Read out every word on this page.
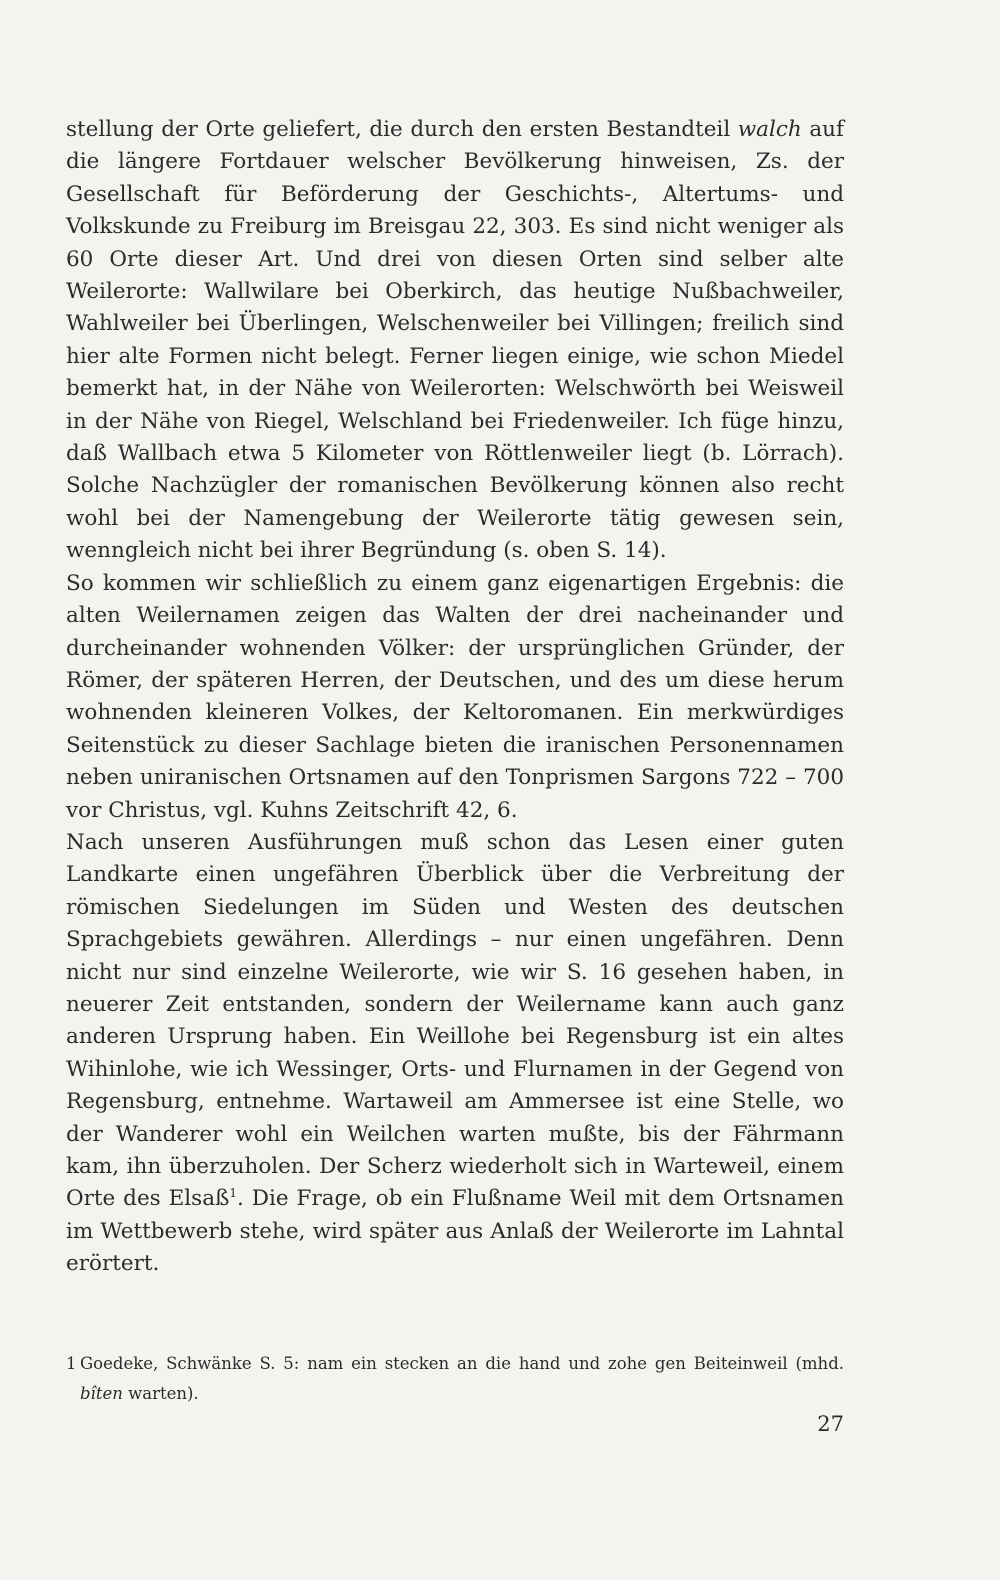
stellung der Orte geliefert, die durch den ersten Bestandteil walch auf die längere Fortdauer welscher Bevölkerung hinweisen, Zs. der Gesellschaft für Beförderung der Geschichts-, Altertums- und Volkskunde zu Freiburg im Breisgau 22, 303. Es sind nicht weniger als 60 Orte dieser Art. Und drei von diesen Orten sind selber alte Weilerorte: Wallwilare bei Oberkirch, das heutige Nußbachweiler, Wahlweiler bei Überlingen, Welschenweiler bei Villingen; freilich sind hier alte Formen nicht belegt. Ferner liegen einige, wie schon Miedel bemerkt hat, in der Nähe von Weilerorten: Welschwörth bei Weisweil in der Nähe von Riegel, Welschland bei Friedenweiler. Ich füge hinzu, daß Wallbach etwa 5 Kilometer von Röttlenweiler liegt (b. Lörrach). Solche Nachzügler der romanischen Bevölkerung können also recht wohl bei der Namengebung der Weilerorte tätig gewesen sein, wenngleich nicht bei ihrer Begründung (s. oben S. 14).

So kommen wir schließlich zu einem ganz eigenartigen Ergebnis: die alten Weilernamen zeigen das Walten der drei nacheinander und durcheinander wohnenden Völker: der ursprünglichen Gründer, der Römer, der späteren Herren, der Deutschen, und des um diese herum wohnenden kleineren Volkes, der Keltoromanen. Ein merkwürdiges Seitenstück zu dieser Sachlage bieten die iranischen Personennamen neben uniranischen Ortsnamen auf den Tonprismen Sargons 722 – 700 vor Christus, vgl. Kuhns Zeitschrift 42, 6.

Nach unseren Ausführungen muß schon das Lesen einer guten Landkarte einen ungefähren Überblick über die Verbreitung der römischen Siedelungen im Süden und Westen des deutschen Sprachgebiets gewähren. Allerdings – nur einen ungefähren. Denn nicht nur sind einzelne Weilerorte, wie wir S. 16 gesehen haben, in neuerer Zeit entstanden, sondern der Weilername kann auch ganz anderen Ursprung haben. Ein Weillohe bei Regensburg ist ein altes Wihinlohe, wie ich Wessinger, Orts- und Flurnamen in der Gegend von Regensburg, entnehme. Wartaweil am Ammersee ist eine Stelle, wo der Wanderer wohl ein Weilchen warten mußte, bis der Fährmann kam, ihn überzuholen. Der Scherz wiederholt sich in Warteweil, einem Orte des Elsaß$^1$. Die Frage, ob ein Flußname Weil mit dem Ortsnamen im Wettbewerb stehe, wird später aus Anlaß der Weilerorte im Lahntal erörtert.

1 Goedeke, Schwänke S. 5: nam ein stecken an die hand und zohe gen Beiteinweil (mhd. bîten warten).
27
